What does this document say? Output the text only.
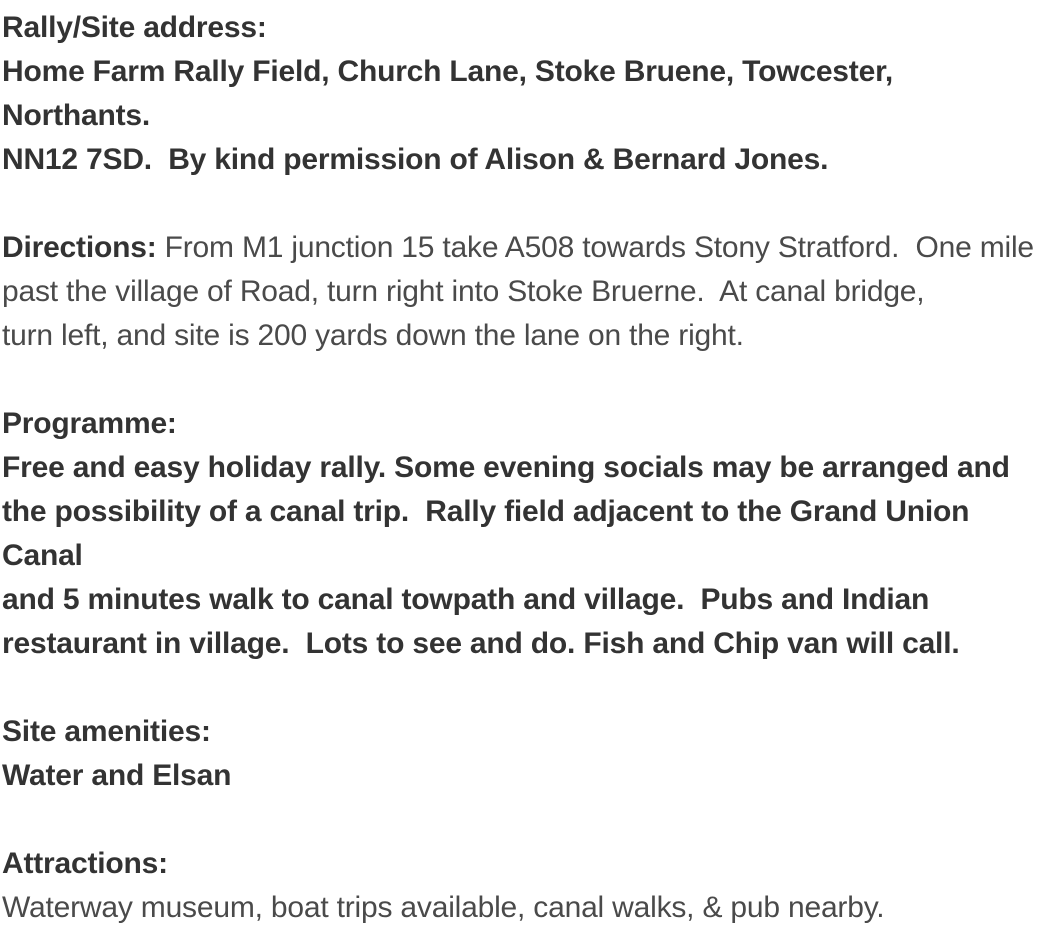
Rally/Site address:
Home Farm Rally Field, Church Lane, Stoke Bruene, Towcester, Northants.
NN12 7SD.  By kind permission of Alison & Bernard Jones.
Directions: From M1 junction 15 take A508 towards Stony Stratford.  One mile
past the village of Road, turn right into Stoke Bruerne.  At canal bridge,
turn left, and site is 200 yards down the lane on the right.
Programme:
Free and easy holiday rally. Some evening socials may be arranged and
the possibility of a canal trip.  Rally field adjacent to the Grand Union Canal
and 5 minutes walk to canal towpath and village.  Pubs and Indian
restaurant in village.  Lots to see and do. Fish and Chip van will call.
Site amenities:
Water and Elsan
Attractions:
Waterway museum, boat trips available, canal walks, & pub nearby.
